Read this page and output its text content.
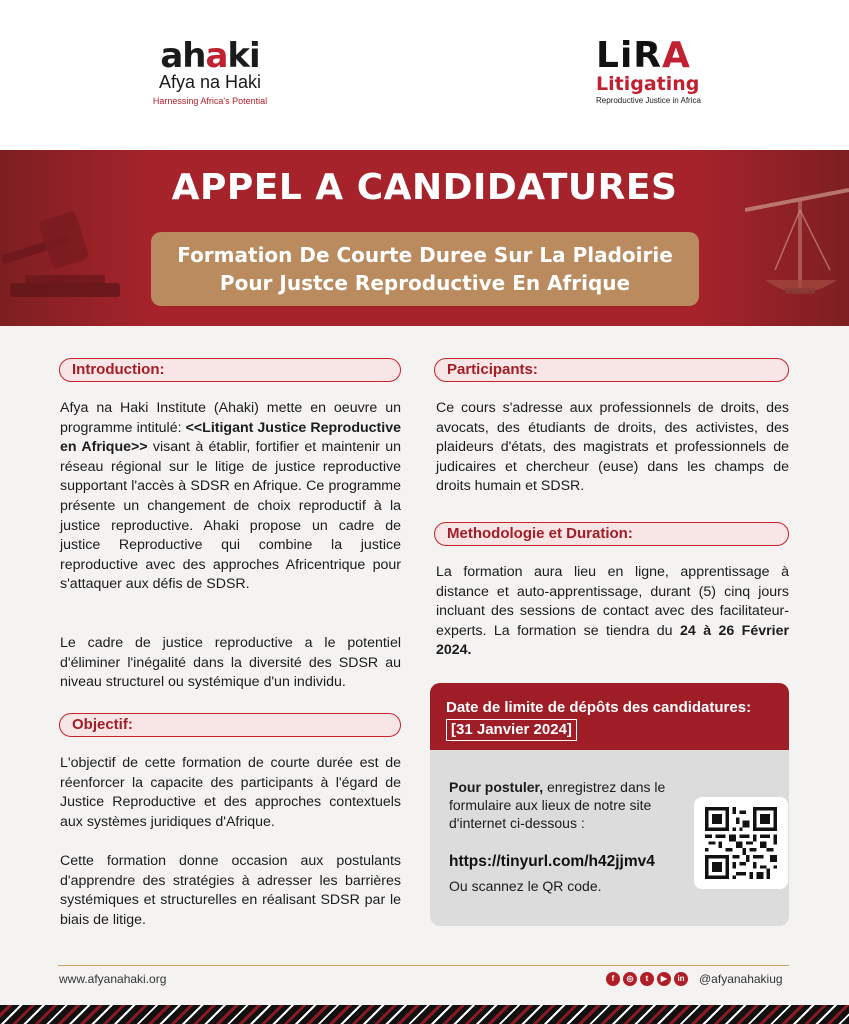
ahaki
Afya na Haki
Harnessing Africa's Potential
LiRA
Litigating
Reproductive Justice in Africa
APPEL A CANDIDATURES
Formation De Courte Duree Sur La Pladoirie
Pour Justce Reproductive En Afrique
Introduction:
Afya na Haki Institute (Ahaki) mette en oeuvre un programme intitulé: <<Litigant Justice Reproductive en Afrique>> visant à établir, fortifier et maintenir un réseau régional sur le litige de justice reproductive supportant l'accès à SDSR en Afrique. Ce programme présente un changement de choix reproductif à la justice reproductive. Ahaki propose un cadre de justice Reproductive qui combine la justice reproductive avec des approches Africentrique pour s'attaquer aux défis de SDSR.
Le cadre de justice reproductive a le potentiel d'éliminer l'inégalité dans la diversité des SDSR au niveau structurel ou systémique d'un individu.
Objectif:
L'objectif de cette formation de courte durée est de réenforcer la capacite des participants à l'égard de Justice Reproductive et des approches contextuels aux systèmes juridiques d'Afrique.
Cette formation donne occasion aux postulants d'apprendre des stratégies à adresser les barrières systémiques et structurelles en réalisant SDSR par le biais de litige.
Participants:
Ce cours s'adresse aux professionnels de droits, des avocats, des étudiants de droits, des activistes, des plaideurs d'états, des magistrats et professionnels de judicaires et chercheur (euse) dans les champs de droits humain et SDSR.
Methodologie et Duration:
La formation aura lieu en ligne, apprentissage à distance et auto-apprentissage, durant (5) cinq jours incluant des sessions de contact avec des facilitateur-experts. La formation se tiendra du 24 à 26 Février 2024.
Date de limite de dépôts des candidatures:
[31 Janvier 2024]
Pour postuler, enregistrez dans le formulaire aux lieux de notre site d'internet ci-dessous :
https://tinyurl.com/h42jjmv4
Ou scannez le QR code.
www.afyanahaki.org	f	◎	t	▶	in @afyanahakiug
